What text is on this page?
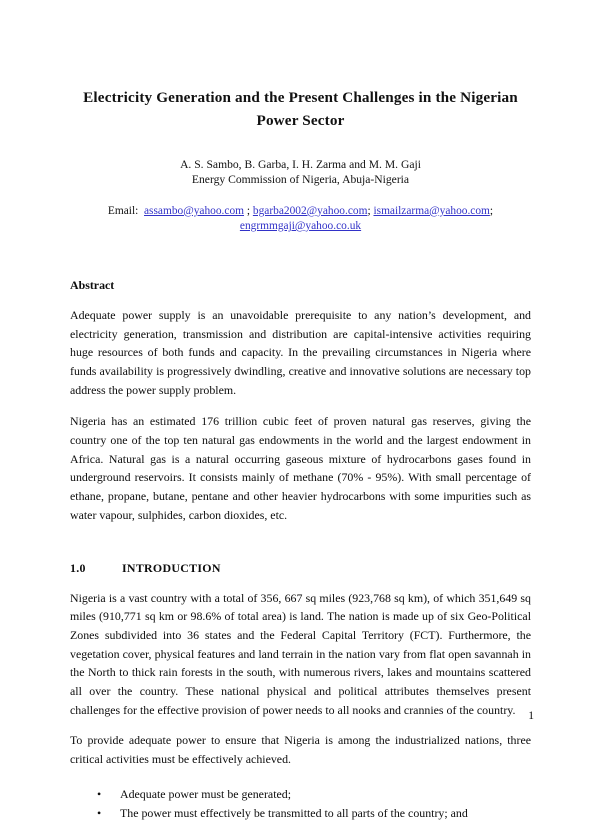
Electricity Generation and the Present Challenges in the Nigerian Power Sector
A. S. Sambo, B. Garba, I. H. Zarma and M. M. Gaji
Energy Commission of Nigeria, Abuja-Nigeria
Email: assambo@yahoo.com ; bgarba2002@yahoo.com; ismailzarma@yahoo.com;
engrmmgaji@yahoo.co.uk
Abstract

Adequate power supply is an unavoidable prerequisite to any nation’s development, and electricity generation, transmission and distribution are capital-intensive activities requiring huge resources of both funds and capacity. In the prevailing circumstances in Nigeria where funds availability is progressively dwindling, creative and innovative solutions are necessary top address the power supply problem.

Nigeria has an estimated 176 trillion cubic feet of proven natural gas reserves, giving the country one of the top ten natural gas endowments in the world and the largest endowment in Africa. Natural gas is a natural occurring gaseous mixture of hydrocarbons gases found in underground reservoirs. It consists mainly of methane (70% - 95%). With small percentage of ethane, propane, butane, pentane and other heavier hydrocarbons with some impurities such as water vapour, sulphides, carbon dioxides, etc.

1.0	INTRODUCTION

Nigeria is a vast country with a total of 356, 667 sq miles (923,768 sq km), of which 351,649 sq miles (910,771 sq km or 98.6% of total area) is land. The nation is made up of six Geo-Political Zones subdivided into 36 states and the Federal Capital Territory (FCT). Furthermore, the vegetation cover, physical features and land terrain in the nation vary from flat open savannah in the North to thick rain forests in the south, with numerous rivers, lakes and mountains scattered all over the country. These national physical and political attributes themselves present challenges for the effective provision of power needs to all nooks and crannies of the country.

To provide adequate power to ensure that Nigeria is among the industrialized nations, three critical activities must be effectively achieved.

• Adequate power must be generated;
• The power must effectively be transmitted to all parts of the country; and
1
